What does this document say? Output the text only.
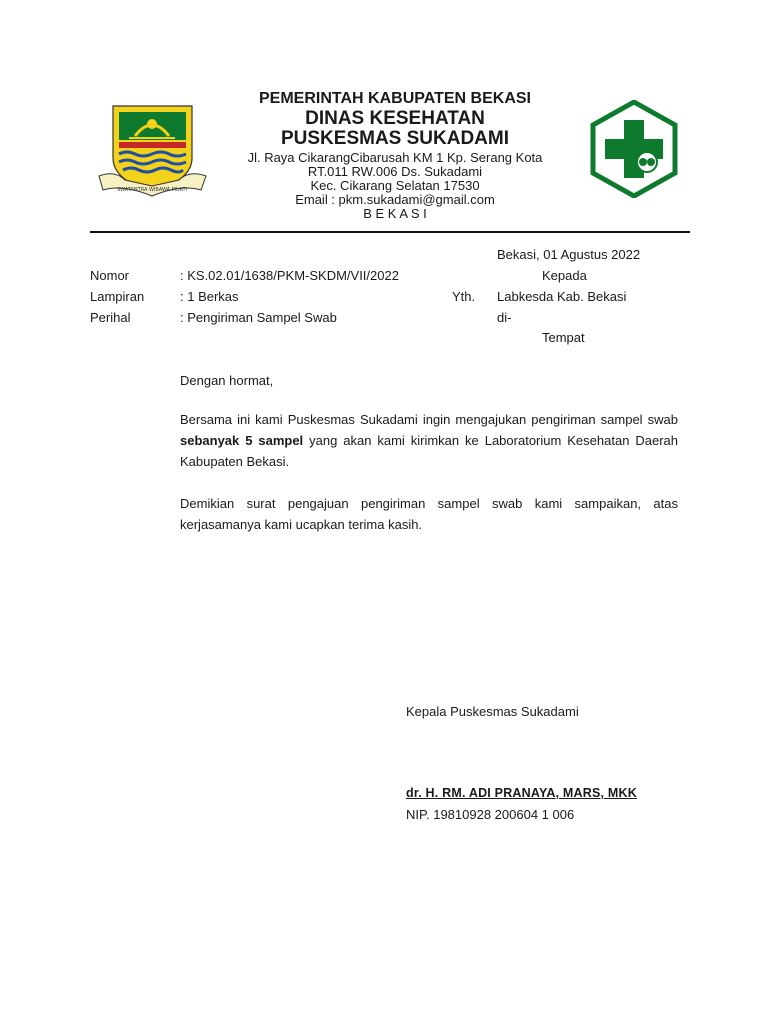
SWATANTRA WIBAWA MUKTI
PEMERINTAH KABUPATEN BEKASI
DINAS KESEHATAN
PUSKESMAS SUKADAMI
Jl. Raya CikarangCibarusah KM 1 Kp. Serang Kota
RT.011 RW.006 Ds. Sukadami
Kec. Cikarang Selatan 17530
Email : pkm.sukadami@gmail.com
B E K A S I
Bekasi, 01 Agustus 2022
Kepada
Yth. Labkesda Kab. Bekasi
di-
Tempat
Nomor	: KS.02.01/1638/PKM-SKDM/VII/2022
Lampiran	: 1 Berkas
Perihal	: Pengiriman Sampel Swab
Dengan hormat,
Bersama ini kami Puskesmas Sukadami ingin mengajukan pengiriman sampel swab sebanyak 5 sampel yang akan kami kirimkan ke Laboratorium Kesehatan Daerah Kabupaten Bekasi.
Demikian surat pengajuan pengiriman sampel swab kami sampaikan, atas kerjasamanya kami ucapkan terima kasih.
Kepala Puskesmas Sukadami
dr. H. RM. ADI PRANAYA, MARS, MKK
NIP. 19810928 200604 1 006
